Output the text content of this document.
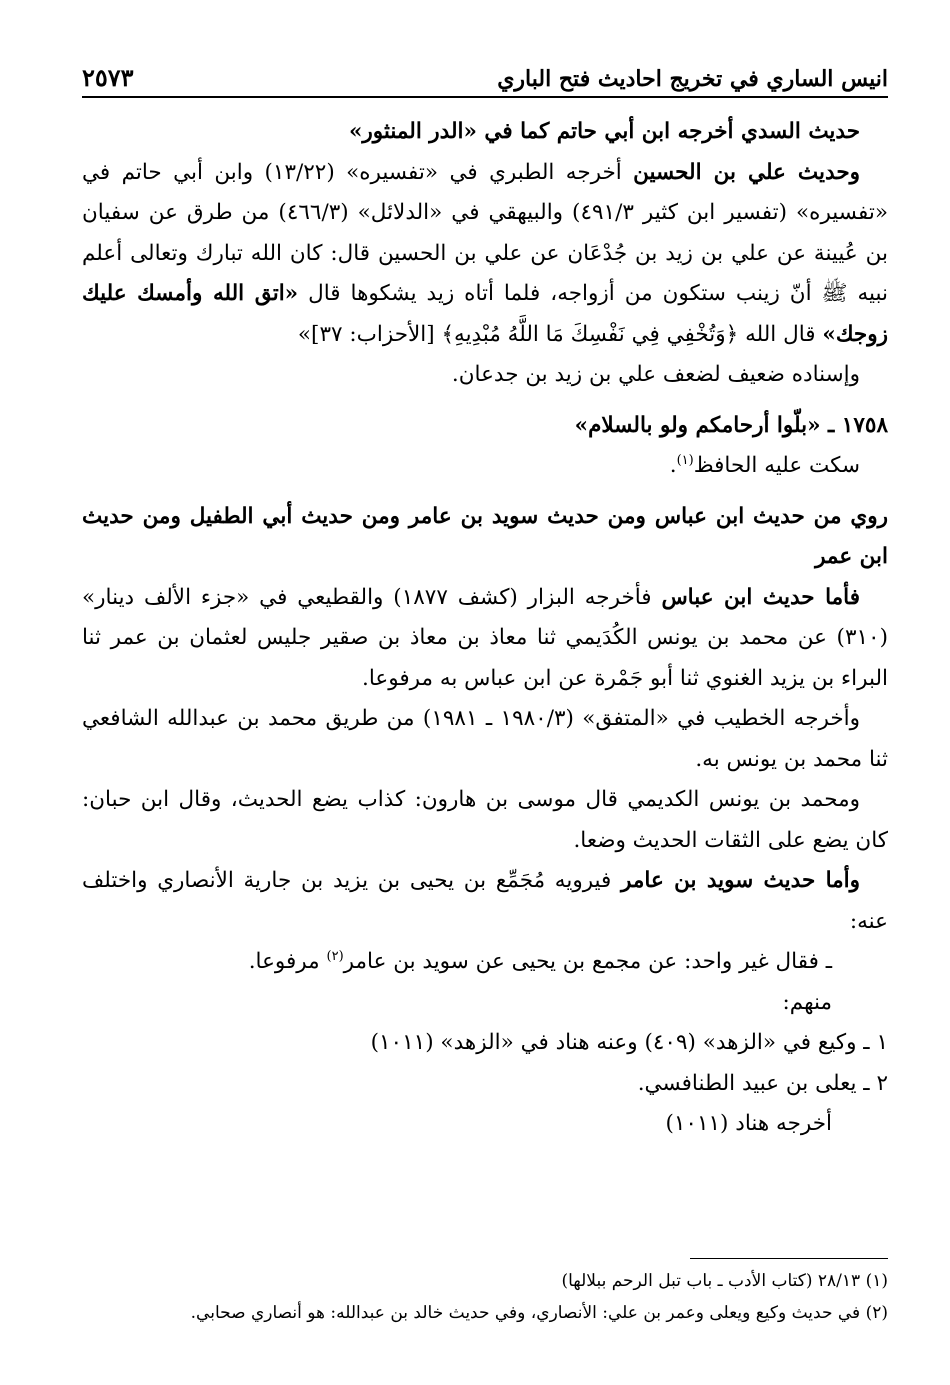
انيس الساري في تخريج احاديث فتح الباري
٢٥٧٣

حديث السدي أخرجه ابن أبي حاتم كما في «الدر المنثور»

وحديث علي بن الحسين أخرجه الطبري في «تفسيره» (١٣/٢٢) وابن أبي حاتم في «تفسيره» (تفسير ابن كثير ٤٩١/٣) والبيهقي في «الدلائل» (٤٦٦/٣) من طرق عن سفيان بن عُيينة عن علي بن زيد بن جُدْعَان عن علي بن الحسين قال: كان الله تبارك وتعالى أعلم نبيه ﷺ أنّ زينب ستكون من أزواجه، فلما أتاه زيد يشكوها قال «اتق الله وأمسك عليك زوجك» قال الله ﴿وَتُخْفِي فِي نَفْسِكَ مَا اللَّهُ مُبْدِيهِ﴾ [الأحزاب: ٣٧]»

وإسناده ضعيف لضعف علي بن زيد بن جدعان.

١٧٥٨ ـ «بلّوا أرحامكم ولو بالسلام»

سكت عليه الحافظ$^{(١)}$.

روي من حديث ابن عباس ومن حديث سويد بن عامر ومن حديث أبي الطفيل ومن حديث ابن عمر

فأما حديث ابن عباس فأخرجه البزار (كشف ١٨٧٧) والقطيعي في «جزء الألف دينار» (٣١٠) عن محمد بن يونس الكُدَيمي ثنا معاذ بن معاذ بن صقير جليس لعثمان بن عمر ثنا البراء بن يزيد الغنوي ثنا أبو جَمْرة عن ابن عباس به مرفوعا.

وأخرجه الخطيب في «المتفق» (١٩٨٠/٣ ـ ١٩٨١) من طريق محمد بن عبدالله الشافعي ثنا محمد بن يونس به.

ومحمد بن يونس الكديمي قال موسى بن هارون: كذاب يضع الحديث، وقال ابن حبان: كان يضع على الثقات الحديث وضعا.

وأما حديث سويد بن عامر فيرويه مُجَمِّع بن يحيى بن يزيد بن جارية الأنصاري واختلف عنه:

ـ فقال غير واحد: عن مجمع بن يحيى عن سويد بن عامر$^{(٢)}$ مرفوعا.

منهم:

١ ـ وكيع في «الزهد» (٤٠٩) وعنه هناد في «الزهد» (١٠١١)

٢ ـ يعلى بن عبيد الطنافسي.

أخرجه هناد (١٠١١)

(١) ٢٨/١٣ (كتاب الأدب ـ باب تبل الرحم ببلالها)

(٢) في حديث وكيع ويعلى وعمر بن علي: الأنصاري، وفي حديث خالد بن عبدالله: هو أنصاري صحابي.
